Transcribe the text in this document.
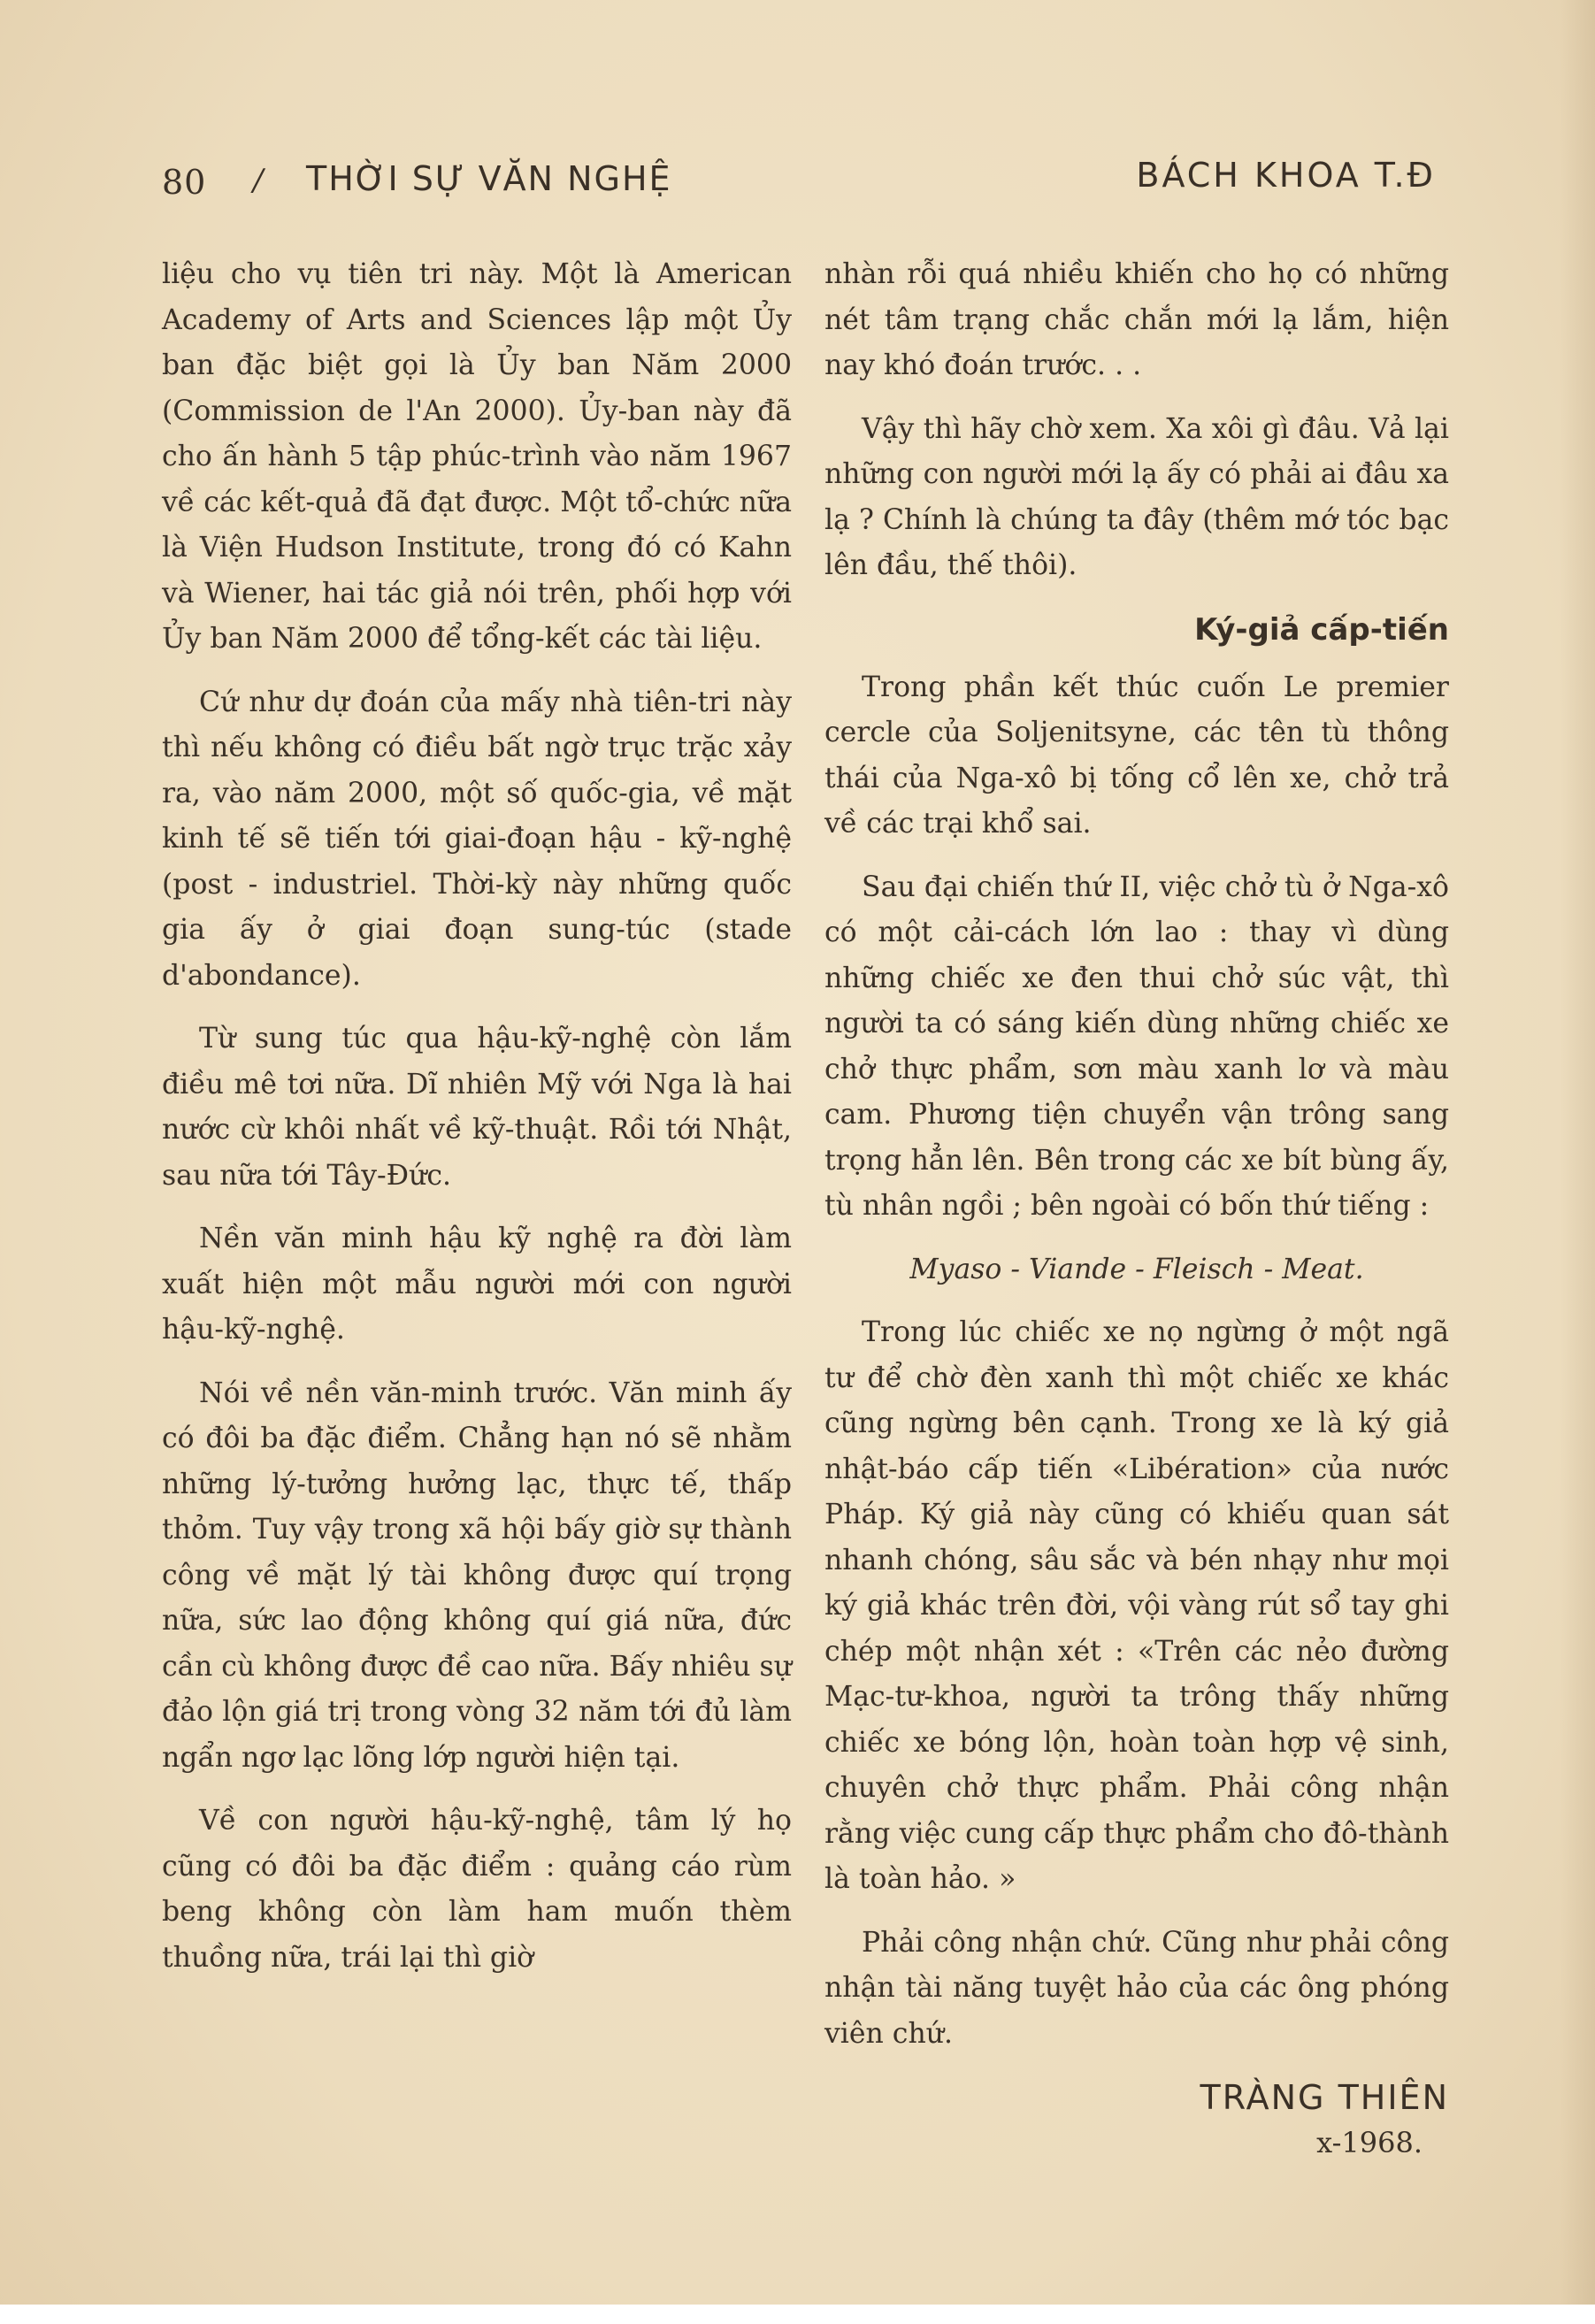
80 / THỜI SỰ VĂN NGHỆ	BÁCH KHOA T.Đ

liệu cho vụ tiên tri này. Một là American Academy of Arts and Sciences lập một Ủy ban đặc biệt gọi là Ủy ban Năm 2000 (Commission de l'An 2000). Ủy-ban này đã cho ấn hành 5 tập phúc-trình vào năm 1967 về các kết-quả đã đạt được. Một tổ-chức nữa là Viện Hudson Institute, trong đó có Kahn và Wiener, hai tác giả nói trên, phối hợp với Ủy ban Năm 2000 để tổng-kết các tài liệu.

Cứ như dự đoán của mấy nhà tiên-tri này thì nếu không có điều bất ngờ trục trặc xảy ra, vào năm 2000, một số quốc-gia, về mặt kinh tế sẽ tiến tới giai-đoạn hậu - kỹ-nghệ (post - industriel. Thời-kỳ này những quốc gia ấy ở giai đoạn sung-túc (stade d'abondance).

Từ sung túc qua hậu-kỹ-nghệ còn lắm điều mê tơi nữa. Dĩ nhiên Mỹ với Nga là hai nước cừ khôi nhất về kỹ-thuật. Rồi tới Nhật, sau nữa tới Tây-Đức.

Nền văn minh hậu kỹ nghệ ra đời làm xuất hiện một mẫu người mới con người hậu-kỹ-nghệ.

Nói về nền văn-minh trước. Văn minh ấy có đôi ba đặc điểm. Chẳng hạn nó sẽ nhằm những lý-tưởng hưởng lạc, thực tế, thấp thỏm. Tuy vậy trong xã hội bấy giờ sự thành công về mặt lý tài không được quí trọng nữa, sức lao động không quí giá nữa, đức cần cù không được đề cao nữa. Bấy nhiêu sự đảo lộn giá trị trong vòng 32 năm tới đủ làm ngẩn ngơ lạc lõng lớp người hiện tại.

Về con người hậu-kỹ-nghệ, tâm lý họ cũng có đôi ba đặc điểm : quảng cáo rùm beng không còn làm ham muốn thèm thuồng nữa, trái lại thì giờ

nhàn rỗi quá nhiều khiến cho họ có những nét tâm trạng chắc chắn mới lạ lắm, hiện nay khó đoán trước. . .

Vậy thì hãy chờ xem. Xa xôi gì đâu. Vả lại những con người mới lạ ấy có phải ai đâu xa lạ ? Chính là chúng ta đây (thêm mớ tóc bạc lên đầu, thế thôi).

Ký-giả cấp-tiến

Trong phần kết thúc cuốn Le premier cercle của Soljenitsyne, các tên tù thông thái của Nga-xô bị tống cổ lên xe, chở trả về các trại khổ sai.

Sau đại chiến thứ II, việc chở tù ở Nga-xô có một cải-cách lớn lao : thay vì dùng những chiếc xe đen thui chở súc vật, thì người ta có sáng kiến dùng những chiếc xe chở thực phẩm, sơn màu xanh lơ và màu cam. Phương tiện chuyển vận trông sang trọng hẳn lên. Bên trong các xe bít bùng ấy, tù nhân ngồi ; bên ngoài có bốn thứ tiếng :

Myaso - Viande - Fleisch - Meat.

Trong lúc chiếc xe nọ ngừng ở một ngã tư để chờ đèn xanh thì một chiếc xe khác cũng ngừng bên cạnh. Trong xe là ký giả nhật-báo cấp tiến «Libération» của nước Pháp. Ký giả này cũng có khiếu quan sát nhanh chóng, sâu sắc và bén nhạy như mọi ký giả khác trên đời, vội vàng rút sổ tay ghi chép một nhận xét : «Trên các nẻo đường Mạc-tư-khoa, người ta trông thấy những chiếc xe bóng lộn, hoàn toàn hợp vệ sinh, chuyên chở thực phẩm. Phải công nhận rằng việc cung cấp thực phẩm cho đô-thành là toàn hảo. »

Phải công nhận chứ. Cũng như phải công nhận tài năng tuyệt hảo của các ông phóng viên chứ.

TRÀNG THIÊN
x-1968.
